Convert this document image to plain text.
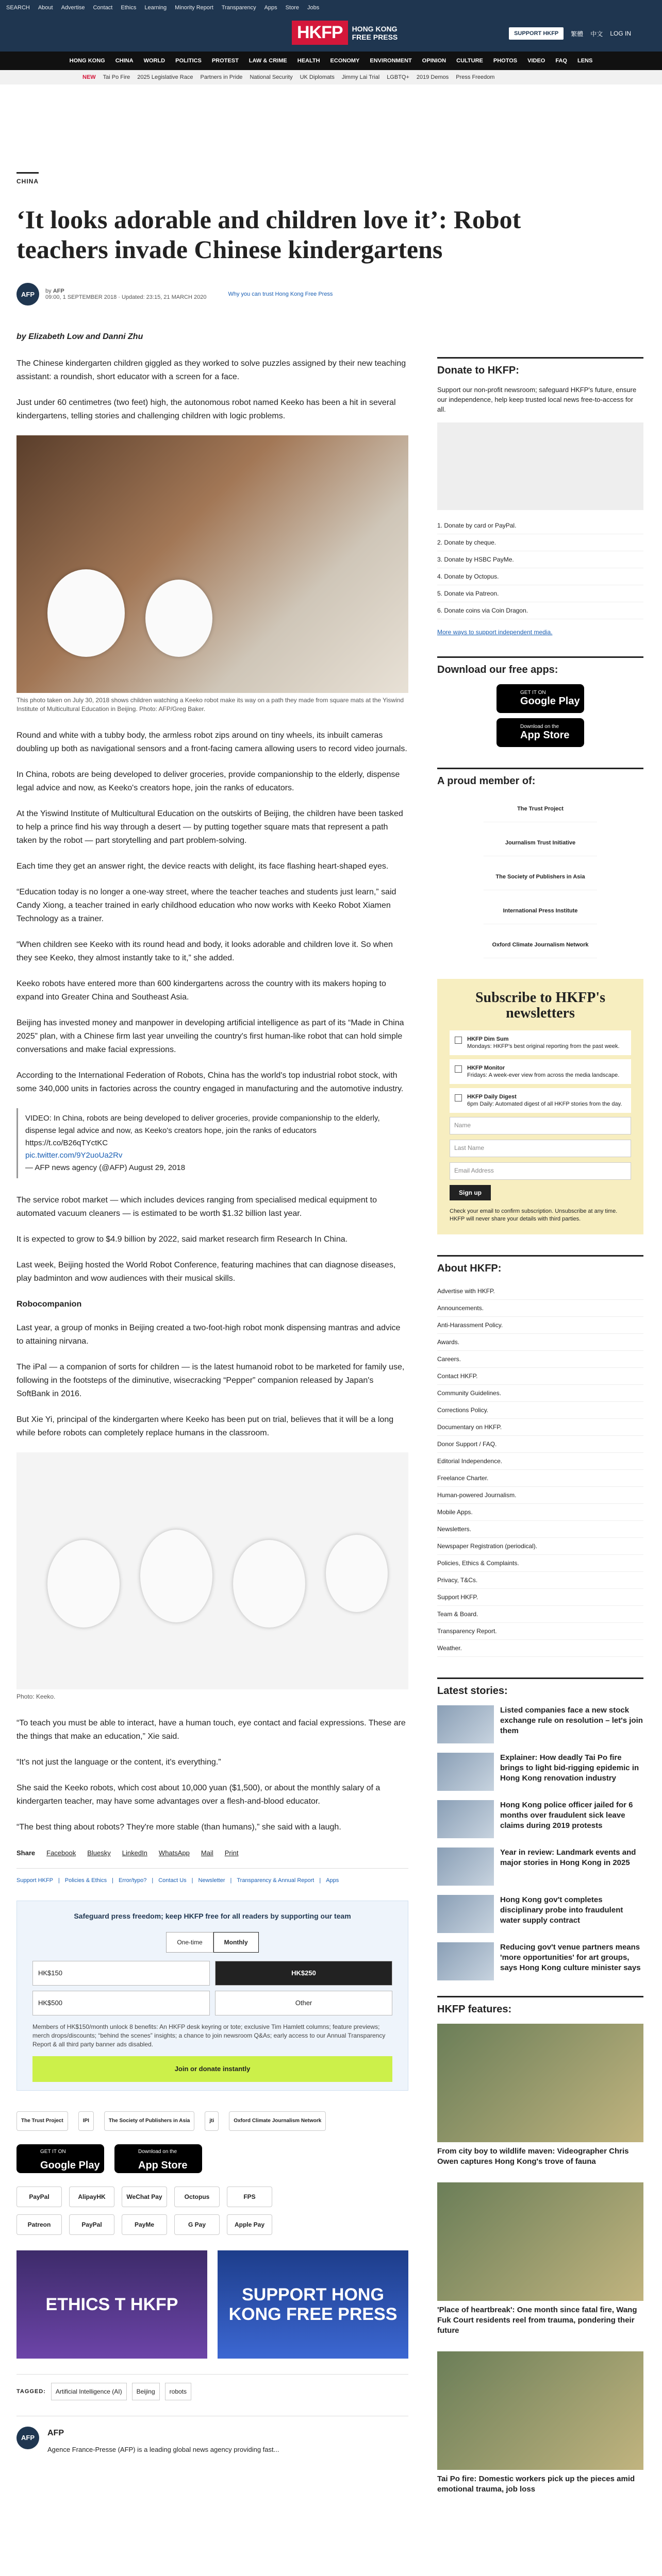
SEARCH About Advertise Contact Ethics Learning Minority Report Transparency Apps Store Jobs
HKFP	HONG KONG
FREE PRESS	SUPPORT HKFP	繁體 中文 LOG IN
HONG KONG CHINA WORLD POLITICS PROTEST LAW & CRIME HEALTH ECONOMY ENVIRONMENT OPINION CULTURE PHOTOS VIDEO FAQ LENS
NEW Tai Po Fire 2025 Legislative Race Partners in Pride National Security UK Diplomats Jimmy Lai Trial LGBTQ+ 2019 Demos Press Freedom
CHINA
‘It looks adorable and children love it’: Robot teachers invade Chinese kindergartens
AFP	by AFP
09:00, 1 SEPTEMBER 2018 · Updated: 23:15, 21 MARCH 2020	Why you can trust Hong Kong Free Press
by Elizabeth Low and Danni Zhu

The Chinese kindergarten children giggled as they worked to solve puzzles assigned by their new teaching assistant: a roundish, short educator with a screen for a face.

Just under 60 centimetres (two feet) high, the autonomous robot named Keeko has been a hit in several kindergartens, telling stories and challenging children with logic problems.

This photo taken on July 30, 2018 shows children watching a Keeko robot make its way on a path they made from square mats at the Yiswind Institute of Multicultural Education in Beijing. Photo: AFP/Greg Baker.

Round and white with a tubby body, the armless robot zips around on tiny wheels, its inbuilt cameras doubling up both as navigational sensors and a front-facing camera allowing users to record video journals.

In China, robots are being developed to deliver groceries, provide companionship to the elderly, dispense legal advice and now, as Keeko's creators hope, join the ranks of educators.

At the Yiswind Institute of Multicultural Education on the outskirts of Beijing, the children have been tasked to help a prince find his way through a desert — by putting together square mats that represent a path taken by the robot — part storytelling and part problem-solving.

Each time they get an answer right, the device reacts with delight, its face flashing heart-shaped eyes.

“Education today is no longer a one-way street, where the teacher teaches and students just learn,” said Candy Xiong, a teacher trained in early childhood education who now works with Keeko Robot Xiamen Technology as a trainer.

“When children see Keeko with its round head and body, it looks adorable and children love it. So when they see Keeko, they almost instantly take to it,” she added.

Keeko robots have entered more than 600 kindergartens across the country with its makers hoping to expand into Greater China and Southeast Asia.

Beijing has invested money and manpower in developing artificial intelligence as part of its “Made in China 2025” plan, with a Chinese firm last year unveiling the country's first human-like robot that can hold simple conversations and make facial expressions.

According to the International Federation of Robots, China has the world's top industrial robot stock, with some 340,000 units in factories across the country engaged in manufacturing and the automotive industry.

VIDEO: In China, robots are being developed to deliver groceries, provide companionship to the elderly, dispense legal advice and now, as Keeko's creators hope, join the ranks of educators https://t.co/B26qTYctKC
pic.twitter.com/9Y2uoUa2Rv
— AFP news agency (@AFP) August 29, 2018

The service robot market — which includes devices ranging from specialised medical equipment to automated vacuum cleaners — is estimated to be worth $1.32 billion last year.

It is expected to grow to $4.9 billion by 2022, said market research firm Research In China.

Last week, Beijing hosted the World Robot Conference, featuring machines that can diagnose diseases, play badminton and wow audiences with their musical skills.

Robocompanion

Last year, a group of monks in Beijing created a two-foot-high robot monk dispensing mantras and advice to attaining nirvana.

The iPal — a companion of sorts for children — is the latest humanoid robot to be marketed for family use, following in the footsteps of the diminutive, wisecracking “Pepper” companion released by Japan's SoftBank in 2016.

But Xie Yi, principal of the kindergarten where Keeko has been put on trial, believes that it will be a long while before robots can completely replace humans in the classroom.

Photo: Keeko.

“To teach you must be able to interact, have a human touch, eye contact and facial expressions. These are the things that make an education,” Xie said.

“It's not just the language or the content, it's everything.”

She said the Keeko robots, which cost about 10,000 yuan ($1,500), or about the monthly salary of a kindergarten teacher, may have some advantages over a flesh-and-blood educator.

“The best thing about robots? They're more stable (than humans),” she said with a laugh.

Share Facebook Bluesky LinkedIn WhatsApp Mail Print
Support HKFP | Policies & Ethics | Error/typo? | Contact Us | Newsletter | Transparency & Annual Report | Apps
Safeguard press freedom; keep HKFP free for all readers by supporting our team
One-time	Monthly
HK$150	HK$250
HK$500	Other
Members of HK$150/month unlock 8 benefits: An HKFP desk keyring or tote; exclusive Tim Hamlett columns; feature previews; merch drops/discounts; “behind the scenes” insights; a chance to join newsroom Q&As; early access to our Annual Transparency Report & all third party banner ads disabled.
Join or donate instantly
The Trust Project	IPI	The Society of Publishers in Asia	jti	Oxford Climate Journalism Network
GET IT ON
Google Play
Download on the
App Store
PayPal	AlipayHK	WeChat Pay	Octopus	FPS
Patreon	PayPal	PayMe	G Pay	Apple Pay
ETHICS T HKFP	SUPPORT HONG KONG FREE PRESS
TAGGED:	Artificial Intelligence (AI)	Beijing	robots
AFP
AFP
Agence France-Presse (AFP) is a leading global news agency providing fast...
Donate to HKFP:
Support our non-profit newsroom; safeguard HKFP's future, ensure our independence, help keep trusted local news free-to-access for all.
1. Donate by card or PayPal.
2. Donate by cheque.
3. Donate by HSBC PayMe.
4. Donate by Octopus.
5. Donate via Patreon.
6. Donate coins via Coin Dragon.
More ways to support independent media.
Download our free apps:
GET IT ON
Google Play
Download on the
App Store
A proud member of:
The Trust Project
Journalism Trust Initiative
The Society of Publishers in Asia
International Press Institute
Oxford Climate Journalism Network
Subscribe to HKFP's newsletters
HKFP Dim Sum
Mondays: HKFP's best original reporting from the past week.
HKFP Monitor
Fridays: A week-ever view from across the media landscape.
HKFP Daily Digest
6pm Daily: Automated digest of all HKFP stories from the day.
Name
Last Name
Email Address
Sign up
Check your email to confirm subscription. Unsubscribe at any time. HKFP will never share your details with third parties.
About HKFP:
Advertise with HKFP.
Announcements.
Anti-Harassment Policy.
Awards.
Careers.
Contact HKFP.
Community Guidelines.
Corrections Policy.
Documentary on HKFP.
Donor Support / FAQ.
Editorial Independence.
Freelance Charter.
Human-powered Journalism.
Mobile Apps.
Newsletters.
Newspaper Registration (periodical).
Policies, Ethics & Complaints.
Privacy, T&Cs.
Support HKFP.
Team & Board.
Transparency Report.
Weather.
Latest stories:
Listed companies face a new stock exchange rule on resolution – let's join them
Explainer: How deadly Tai Po fire brings to light bid-rigging epidemic in Hong Kong renovation industry
Hong Kong police officer jailed for 6 months over fraudulent sick leave claims during 2019 protests
Year in review: Landmark events and major stories in Hong Kong in 2025
Hong Kong gov't completes disciplinary probe into fraudulent water supply contract
Reducing gov't venue partners means 'more opportunities' for art groups, says Hong Kong culture minister says
HKFP features:
From city boy to wildlife maven: Videographer Chris Owen captures Hong Kong's trove of fauna
'Place of heartbreak': One month since fatal fire, Wang Fuk Court residents reel from trauma, pondering their future
Tai Po fire: Domestic workers pick up the pieces amid emotional trauma, job loss
